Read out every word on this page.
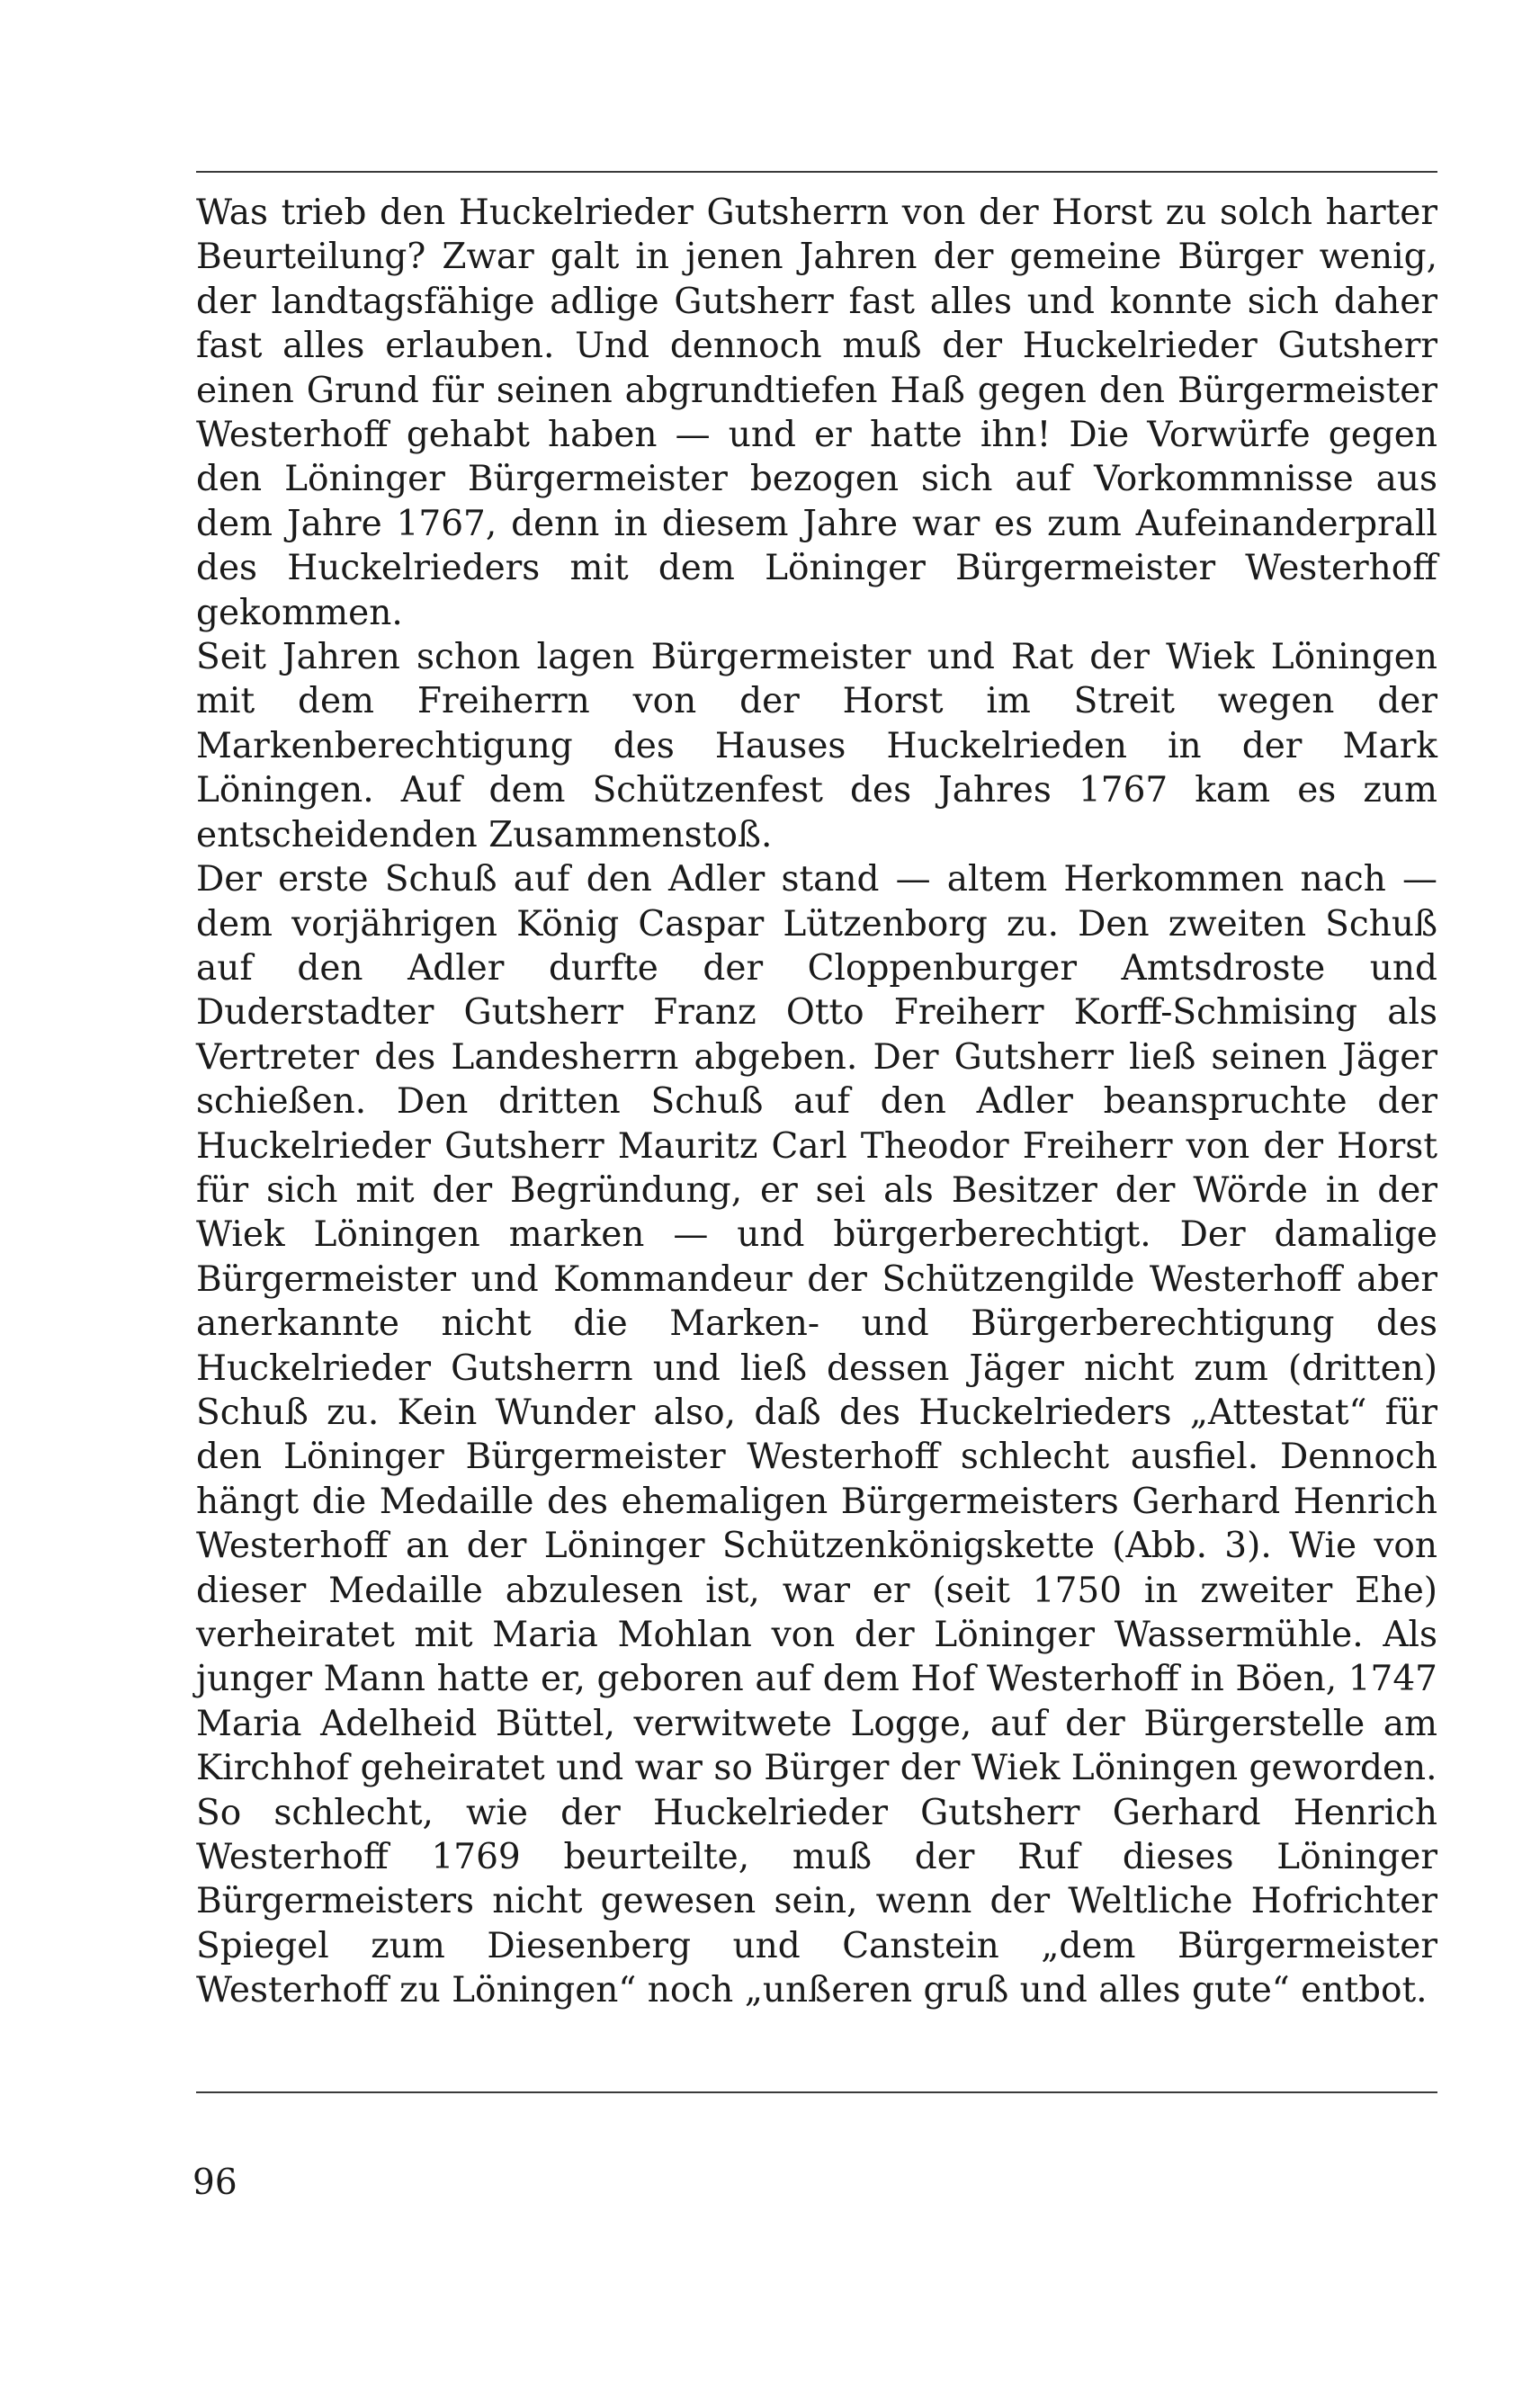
Was trieb den Huckelrieder Gutsherrn von der Horst zu solch harter Beurteilung? Zwar galt in jenen Jahren der gemeine Bürger wenig, der landtagsfähige adlige Gutsherr fast alles und konnte sich daher fast alles erlauben. Und dennoch muß der Huckelrieder Gutsherr einen Grund für seinen abgrundtiefen Haß gegen den Bürgermeister Westerhoff gehabt haben — und er hatte ihn! Die Vorwürfe gegen den Löninger Bürgermeister bezogen sich auf Vorkommnisse aus dem Jahre 1767, denn in diesem Jahre war es zum Aufeinanderprall des Huckelrieders mit dem Löninger Bürgermeister Westerhoff gekommen.

Seit Jahren schon lagen Bürgermeister und Rat der Wiek Löningen mit dem Freiherrn von der Horst im Streit wegen der Markenberechtigung des Hauses Huckelrieden in der Mark Löningen. Auf dem Schützenfest des Jahres 1767 kam es zum entscheidenden Zusammenstoß.

Der erste Schuß auf den Adler stand — altem Herkommen nach — dem vorjährigen König Caspar Lützenborg zu. Den zweiten Schuß auf den Adler durfte der Cloppenburger Amtsdroste und Duderstadter Gutsherr Franz Otto Freiherr Korff-Schmising als Vertreter des Landesherrn abgeben. Der Gutsherr ließ seinen Jäger schießen. Den dritten Schuß auf den Adler beanspruchte der Huckelrieder Gutsherr Mauritz Carl Theodor Freiherr von der Horst für sich mit der Begründung, er sei als Besitzer der Wörde in der Wiek Löningen marken — und bürgerberechtigt. Der damalige Bürgermeister und Kommandeur der Schützengilde Westerhoff aber anerkannte nicht die Marken- und Bürgerberechtigung des Huckelrieder Gutsherrn und ließ dessen Jäger nicht zum (dritten) Schuß zu. Kein Wunder also, daß des Huckelrieders „Attestat“ für den Löninger Bürgermeister Westerhoff schlecht ausfiel. Dennoch hängt die Medaille des ehemaligen Bürgermeisters Gerhard Henrich Westerhoff an der Löninger Schützenkönigskette (Abb. 3). Wie von dieser Medaille abzulesen ist, war er (seit 1750 in zweiter Ehe) verheiratet mit Maria Mohlan von der Löninger Wassermühle. Als junger Mann hatte er, geboren auf dem Hof Westerhoff in Böen, 1747 Maria Adelheid Büttel, verwitwete Logge, auf der Bürgerstelle am Kirchhof geheiratet und war so Bürger der Wiek Löningen geworden.

So schlecht, wie der Huckelrieder Gutsherr Gerhard Henrich Westerhoff 1769 beurteilte, muß der Ruf dieses Löninger Bürgermeisters nicht gewesen sein, wenn der Weltliche Hofrichter Spiegel zum Diesenberg und Canstein „dem Bürgermeister Westerhoff zu Löningen“ noch „unßeren gruß und alles gute“ entbot.

96
